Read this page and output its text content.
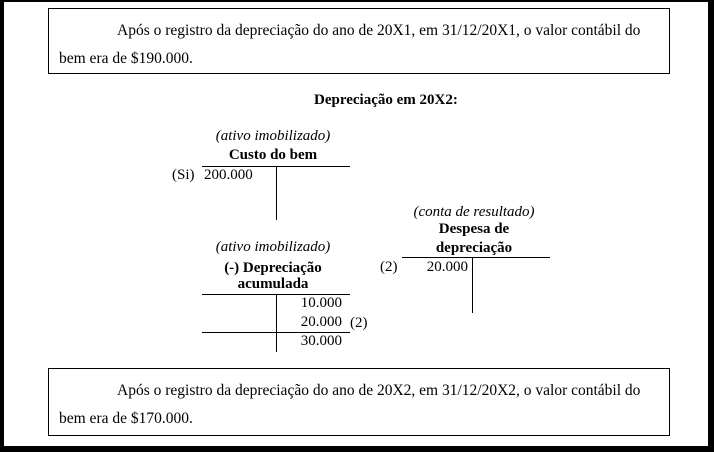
Após o registro da depreciação do ano de 20X1, em 31/12/20X1, o valor contábil do bem era de $190.000.

Depreciação em 20X2:
(ativo imobilizado)
Custo do bem
(Si) 200.000
(ativo imobilizado)
(-) Depreciação
acumulada
10.000
20.000 (2)
30.000
(conta de resultado)
Despesa de
depreciação
(2)	20.000

Após o registro da depreciação do ano de 20X2, em 31/12/20X2, o valor contábil do bem era de $170.000.
